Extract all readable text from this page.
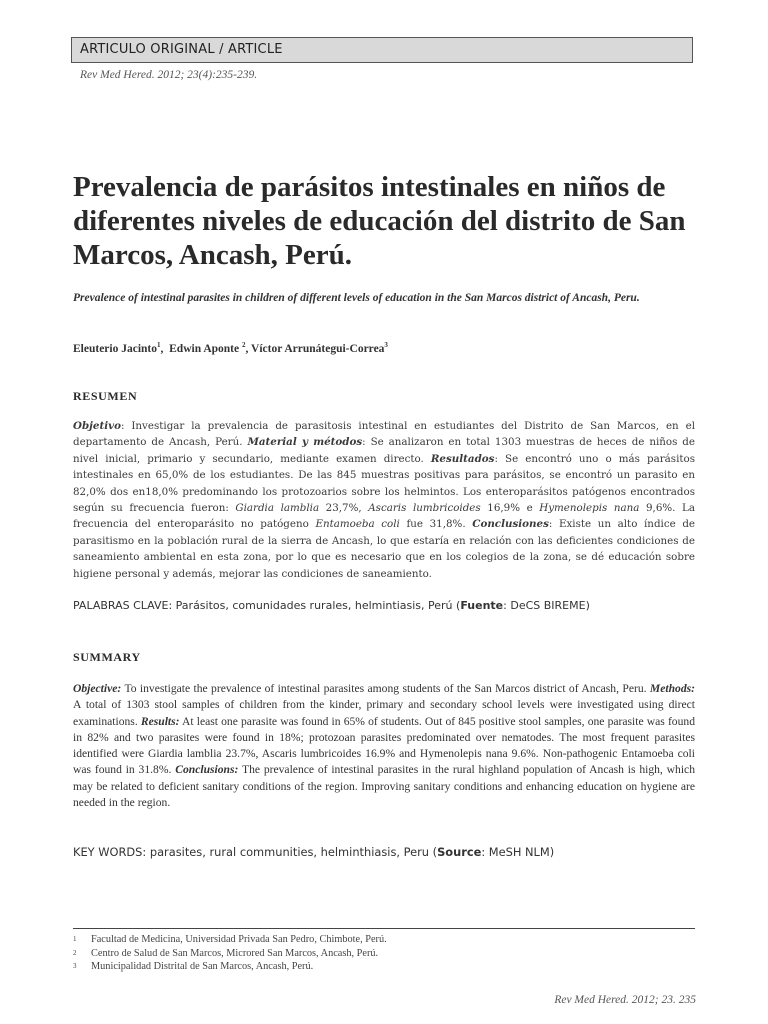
ARTICULO ORIGINAL / ARTICLE
Rev Med Hered. 2012; 23(4):235-239.
Prevalencia de parásitos intestinales en niños de diferentes niveles de educación del distrito de San Marcos, Ancash, Perú.

Prevalence of intestinal parasites in children of different levels of education in the San Marcos district of Ancash, Peru.

Eleuterio Jacinto$^1$,  Edwin Aponte $^2$, Víctor Arrunátegui-Correa$^3$
RESUMEN

Objetivo: Investigar la prevalencia de parasitosis intestinal en estudiantes del Distrito de San Marcos, en el departamento de Ancash, Perú. Material y métodos: Se analizaron en total 1303 muestras de heces de niños de nivel inicial, primario y secundario, mediante examen directo. Resultados: Se encontró uno o más parásitos intestinales en 65,0% de los estudiantes. De las 845 muestras positivas para parásitos, se encontró un parasito en 82,0% dos en18,0% predominando los protozoarios sobre los helmintos. Los enteroparásitos patógenos encontrados según su frecuencia fueron: Giardia lamblia 23,7%, Ascaris lumbricoides 16,9% e Hymenolepis nana 9,6%. La frecuencia del enteroparásito no patógeno Entamoeba coli fue 31,8%. Conclusiones: Existe un alto índice de parasitismo en la población rural de la sierra de Ancash, lo que estaría en relación con las deficientes condiciones de saneamiento ambiental en esta zona, por lo que es necesario que en los colegios de la zona, se dé educación sobre higiene personal y además, mejorar las condiciones de saneamiento.

PALABRAS CLAVE: Parásitos, comunidades rurales, helmintiasis, Perú (Fuente: DeCS BIREME)

SUMMARY

Objective: To investigate the prevalence of intestinal parasites among students of the San Marcos district of Ancash, Peru. Methods: A total of 1303 stool samples of children from the kinder, primary and secondary school levels were investigated using direct examinations. Results: At least one parasite was found in 65% of students. Out of 845 positive stool samples, one parasite was found in 82% and two parasites were found in 18%; protozoan parasites predominated over nematodes. The most frequent parasites identified were Giardia lamblia 23.7%, Ascaris lumbricoides 16.9% and Hymenolepis nana 9.6%. Non-pathogenic Entamoeba coli was found in 31.8%. Conclusions: The prevalence of intestinal parasites in the rural highland population of Ancash is high, which may be related to deficient sanitary conditions of the region. Improving sanitary conditions and enhancing education on hygiene are needed in the region.

KEY WORDS: parasites, rural communities, helminthiasis, Peru (Source: MeSH NLM)

1	Facultad de Medicina, Universidad Privada San Pedro, Chimbote, Perú.
2	Centro de Salud de San Marcos, Microred San Marcos, Ancash, Perú.
3	Municipalidad Distrital de San Marcos, Ancash, Perú.
Rev Med Hered. 2012; 23. 235
